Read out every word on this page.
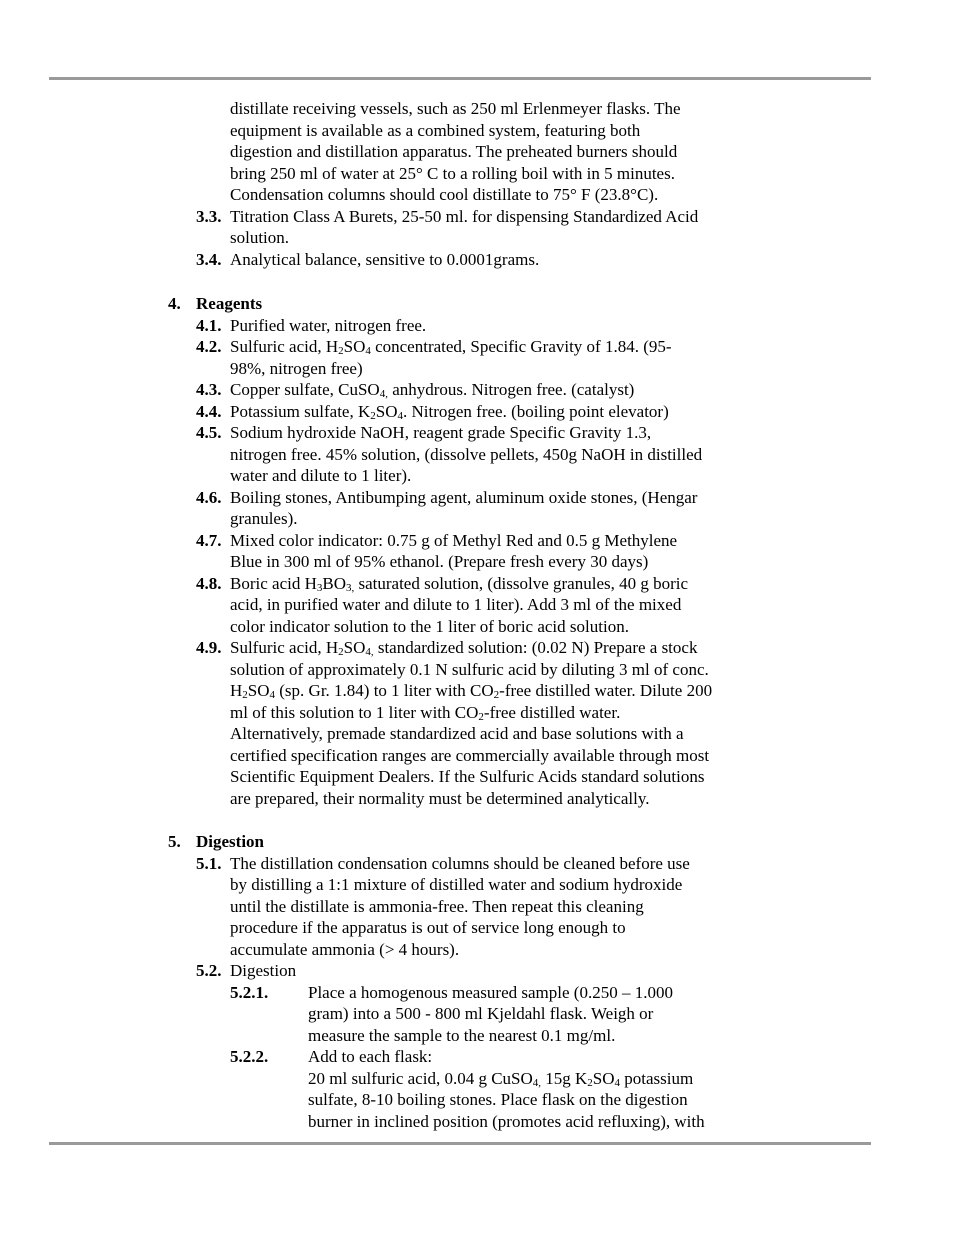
distillate receiving vessels, such as 250 ml Erlenmeyer flasks. The
equipment is available as a combined system, featuring both
digestion and distillation apparatus. The preheated burners should
bring 250 ml of water at 25° C to a rolling boil with in 5 minutes.
Condensation columns should cool distillate to 75° F (23.8°C).
3.3. Titration Class A Burets, 25-50 ml. for dispensing Standardized Acid
solution.
3.4. Analytical balance, sensitive to 0.0001grams.
4. Reagents
4.1. Purified water, nitrogen free.
4.2. Sulfuric acid, $H_2SO_4$ concentrated, Specific Gravity of 1.84. (95-
98%, nitrogen free)
4.3. Copper sulfate, CuSO$_{4,}$ anhydrous. Nitrogen free. (catalyst)
4.4. Potassium sulfate, $K_2SO_4$. Nitrogen free. (boiling point elevator)
4.5. Sodium hydroxide NaOH, reagent grade Specific Gravity 1.3,
nitrogen free. 45% solution, (dissolve pellets, 450g NaOH in distilled
water and dilute to 1 liter).
4.6. Boiling stones, Antibumping agent, aluminum oxide stones, (Hengar
granules).
4.7. Mixed color indicator: 0.75 g of Methyl Red and 0.5 g Methylene
Blue in 300 ml of 95% ethanol. (Prepare fresh every 30 days)
4.8. Boric acid $H_3BO_{3,}$ saturated solution, (dissolve granules, 40 g boric
acid, in purified water and dilute to 1 liter). Add 3 ml of the mixed
color indicator solution to the 1 liter of boric acid solution.
4.9. Sulfuric acid, $H_2SO_{4,}$ standardized solution: (0.02 N) Prepare a stock
solution of approximately 0.1 N sulfuric acid by diluting 3 ml of conc.
$H_2SO_4$ (sp. Gr. 1.84) to 1 liter with $CO_2$-free distilled water. Dilute 200
ml of this solution to 1 liter with $CO_2$-free distilled water.
Alternatively, premade standardized acid and base solutions with a
certified specification ranges are commercially available through most
Scientific Equipment Dealers. If the Sulfuric Acids standard solutions
are prepared, their normality must be determined analytically.
5. Digestion
5.1. The distillation condensation columns should be cleaned before use
by distilling a 1:1 mixture of distilled water and sodium hydroxide
until the distillate is ammonia-free. Then repeat this cleaning
procedure if the apparatus is out of service long enough to
accumulate ammonia (> 4 hours).
5.2. Digestion
5.2.1. Place a homogenous measured sample (0.250 – 1.000
gram) into a 500 - 800 ml Kjeldahl flask. Weigh or
measure the sample to the nearest 0.1 mg/ml.
5.2.2. Add to each flask:
20 ml sulfuric acid, 0.04 g CuSO$_{4,}$ 15g $K_2SO_4$ potassium
sulfate, 8-10 boiling stones. Place flask on the digestion
burner in inclined position (promotes acid refluxing), with
